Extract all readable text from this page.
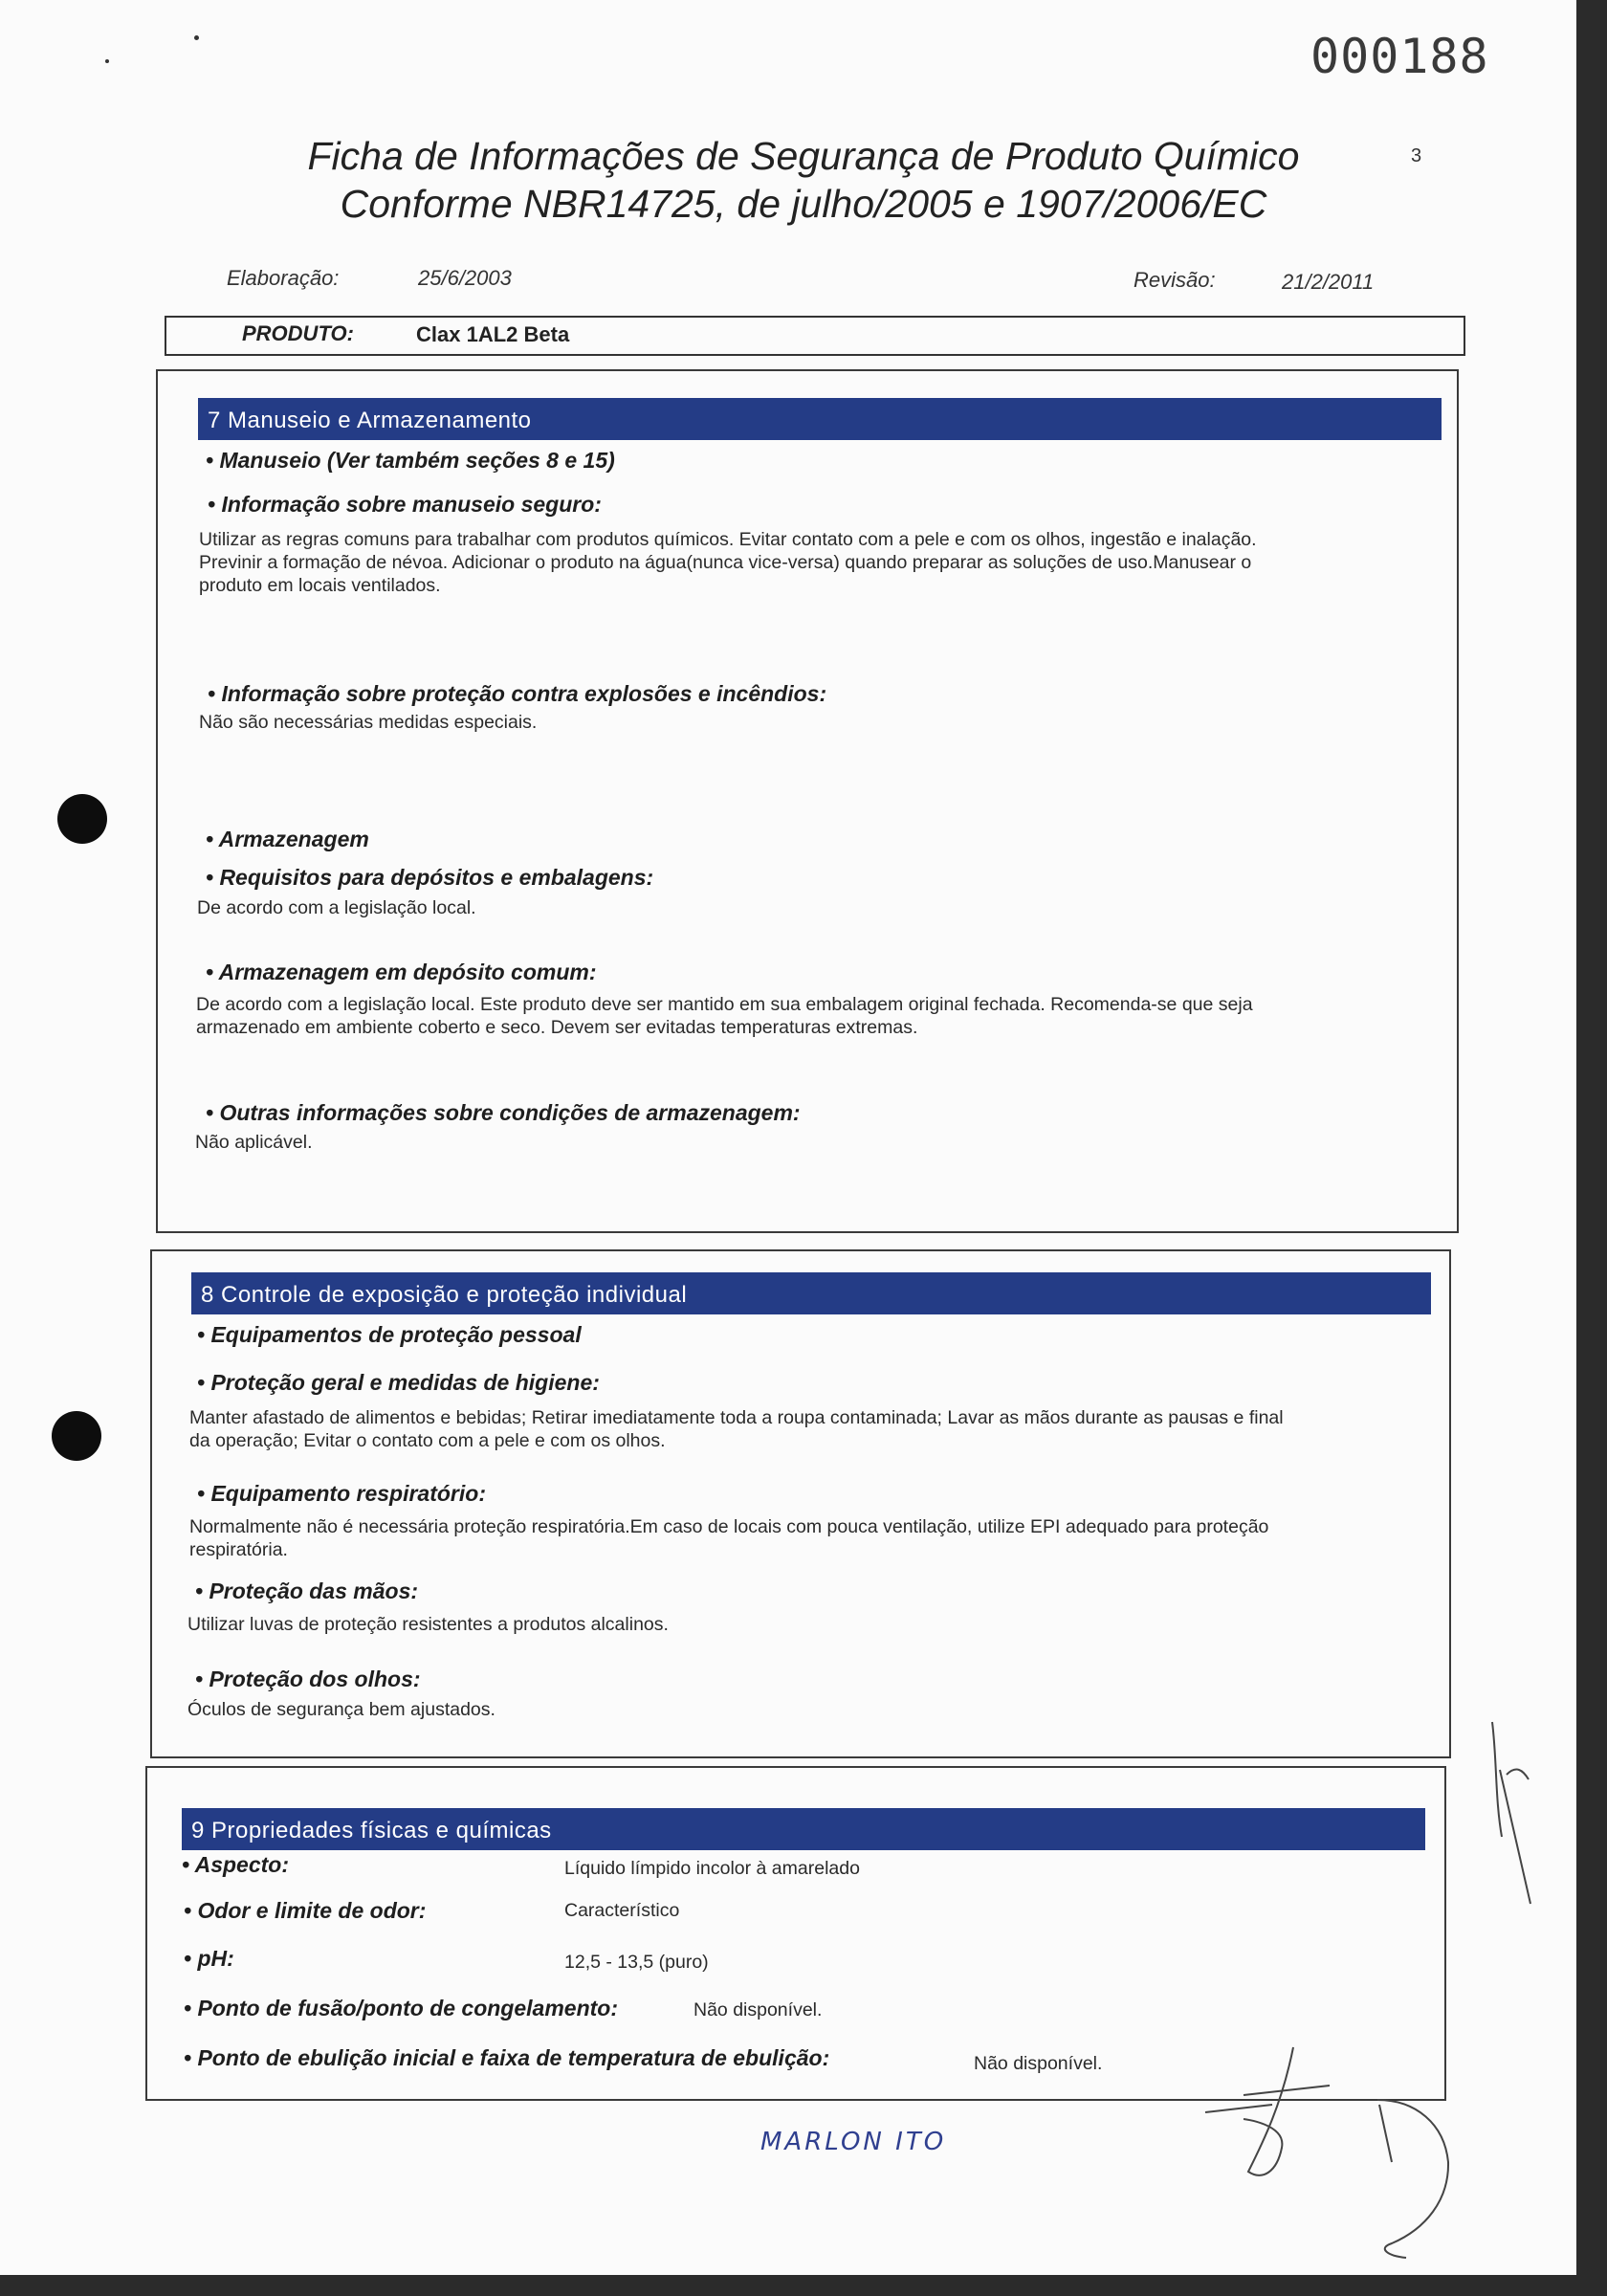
000188
3
Ficha de Informações de Segurança de Produto Químico
Conforme NBR14725, de julho/2005 e 1907/2006/EC
Elaboração:	25/6/2003	Revisão:	21/2/2011
PRODUTO:	Clax 1AL2 Beta
7 Manuseio e Armazenamento
• Manuseio (Ver também seções 8 e 15)
• Informação sobre manuseio seguro:
Utilizar as regras comuns para trabalhar com produtos químicos. Evitar contato com a pele e com os olhos, ingestão e inalação.
Previnir a formação de névoa. Adicionar o produto na água(nunca vice-versa) quando preparar as soluções de uso.Manusear o
produto em locais ventilados.
• Informação sobre proteção contra explosões e incêndios:
Não são necessárias medidas especiais.
• Armazenagem
• Requisitos para depósitos e embalagens:
De acordo com a legislação local.
• Armazenagem em depósito comum:
De acordo com a legislação local. Este produto deve ser mantido em sua embalagem original fechada. Recomenda-se que seja
armazenado em ambiente coberto e seco. Devem ser evitadas temperaturas extremas.
• Outras informações sobre condições de armazenagem:
Não aplicável.
8 Controle de exposição e proteção individual
• Equipamentos de proteção pessoal
• Proteção geral e medidas de higiene:
Manter afastado de alimentos e bebidas; Retirar imediatamente toda a roupa contaminada; Lavar as mãos durante as pausas e final
da operação; Evitar o contato com a pele e com os olhos.
• Equipamento respiratório:
Normalmente não é necessária proteção respiratória.Em caso de locais com pouca ventilação, utilize EPI adequado para proteção
respiratória.
• Proteção das mãos:
Utilizar luvas de proteção resistentes a produtos alcalinos.
• Proteção dos olhos:
Óculos de segurança bem ajustados.
9 Propriedades físicas e químicas
• Aspecto:	Líquido límpido incolor à amarelado
• Odor e limite de odor:	Característico
• pH:	12,5 - 13,5 (puro)
• Ponto de fusão/ponto de congelamento:	Não disponível.
• Ponto de ebulição inicial e faixa de temperatura de ebulição:	Não disponível.
MARLON ITO
